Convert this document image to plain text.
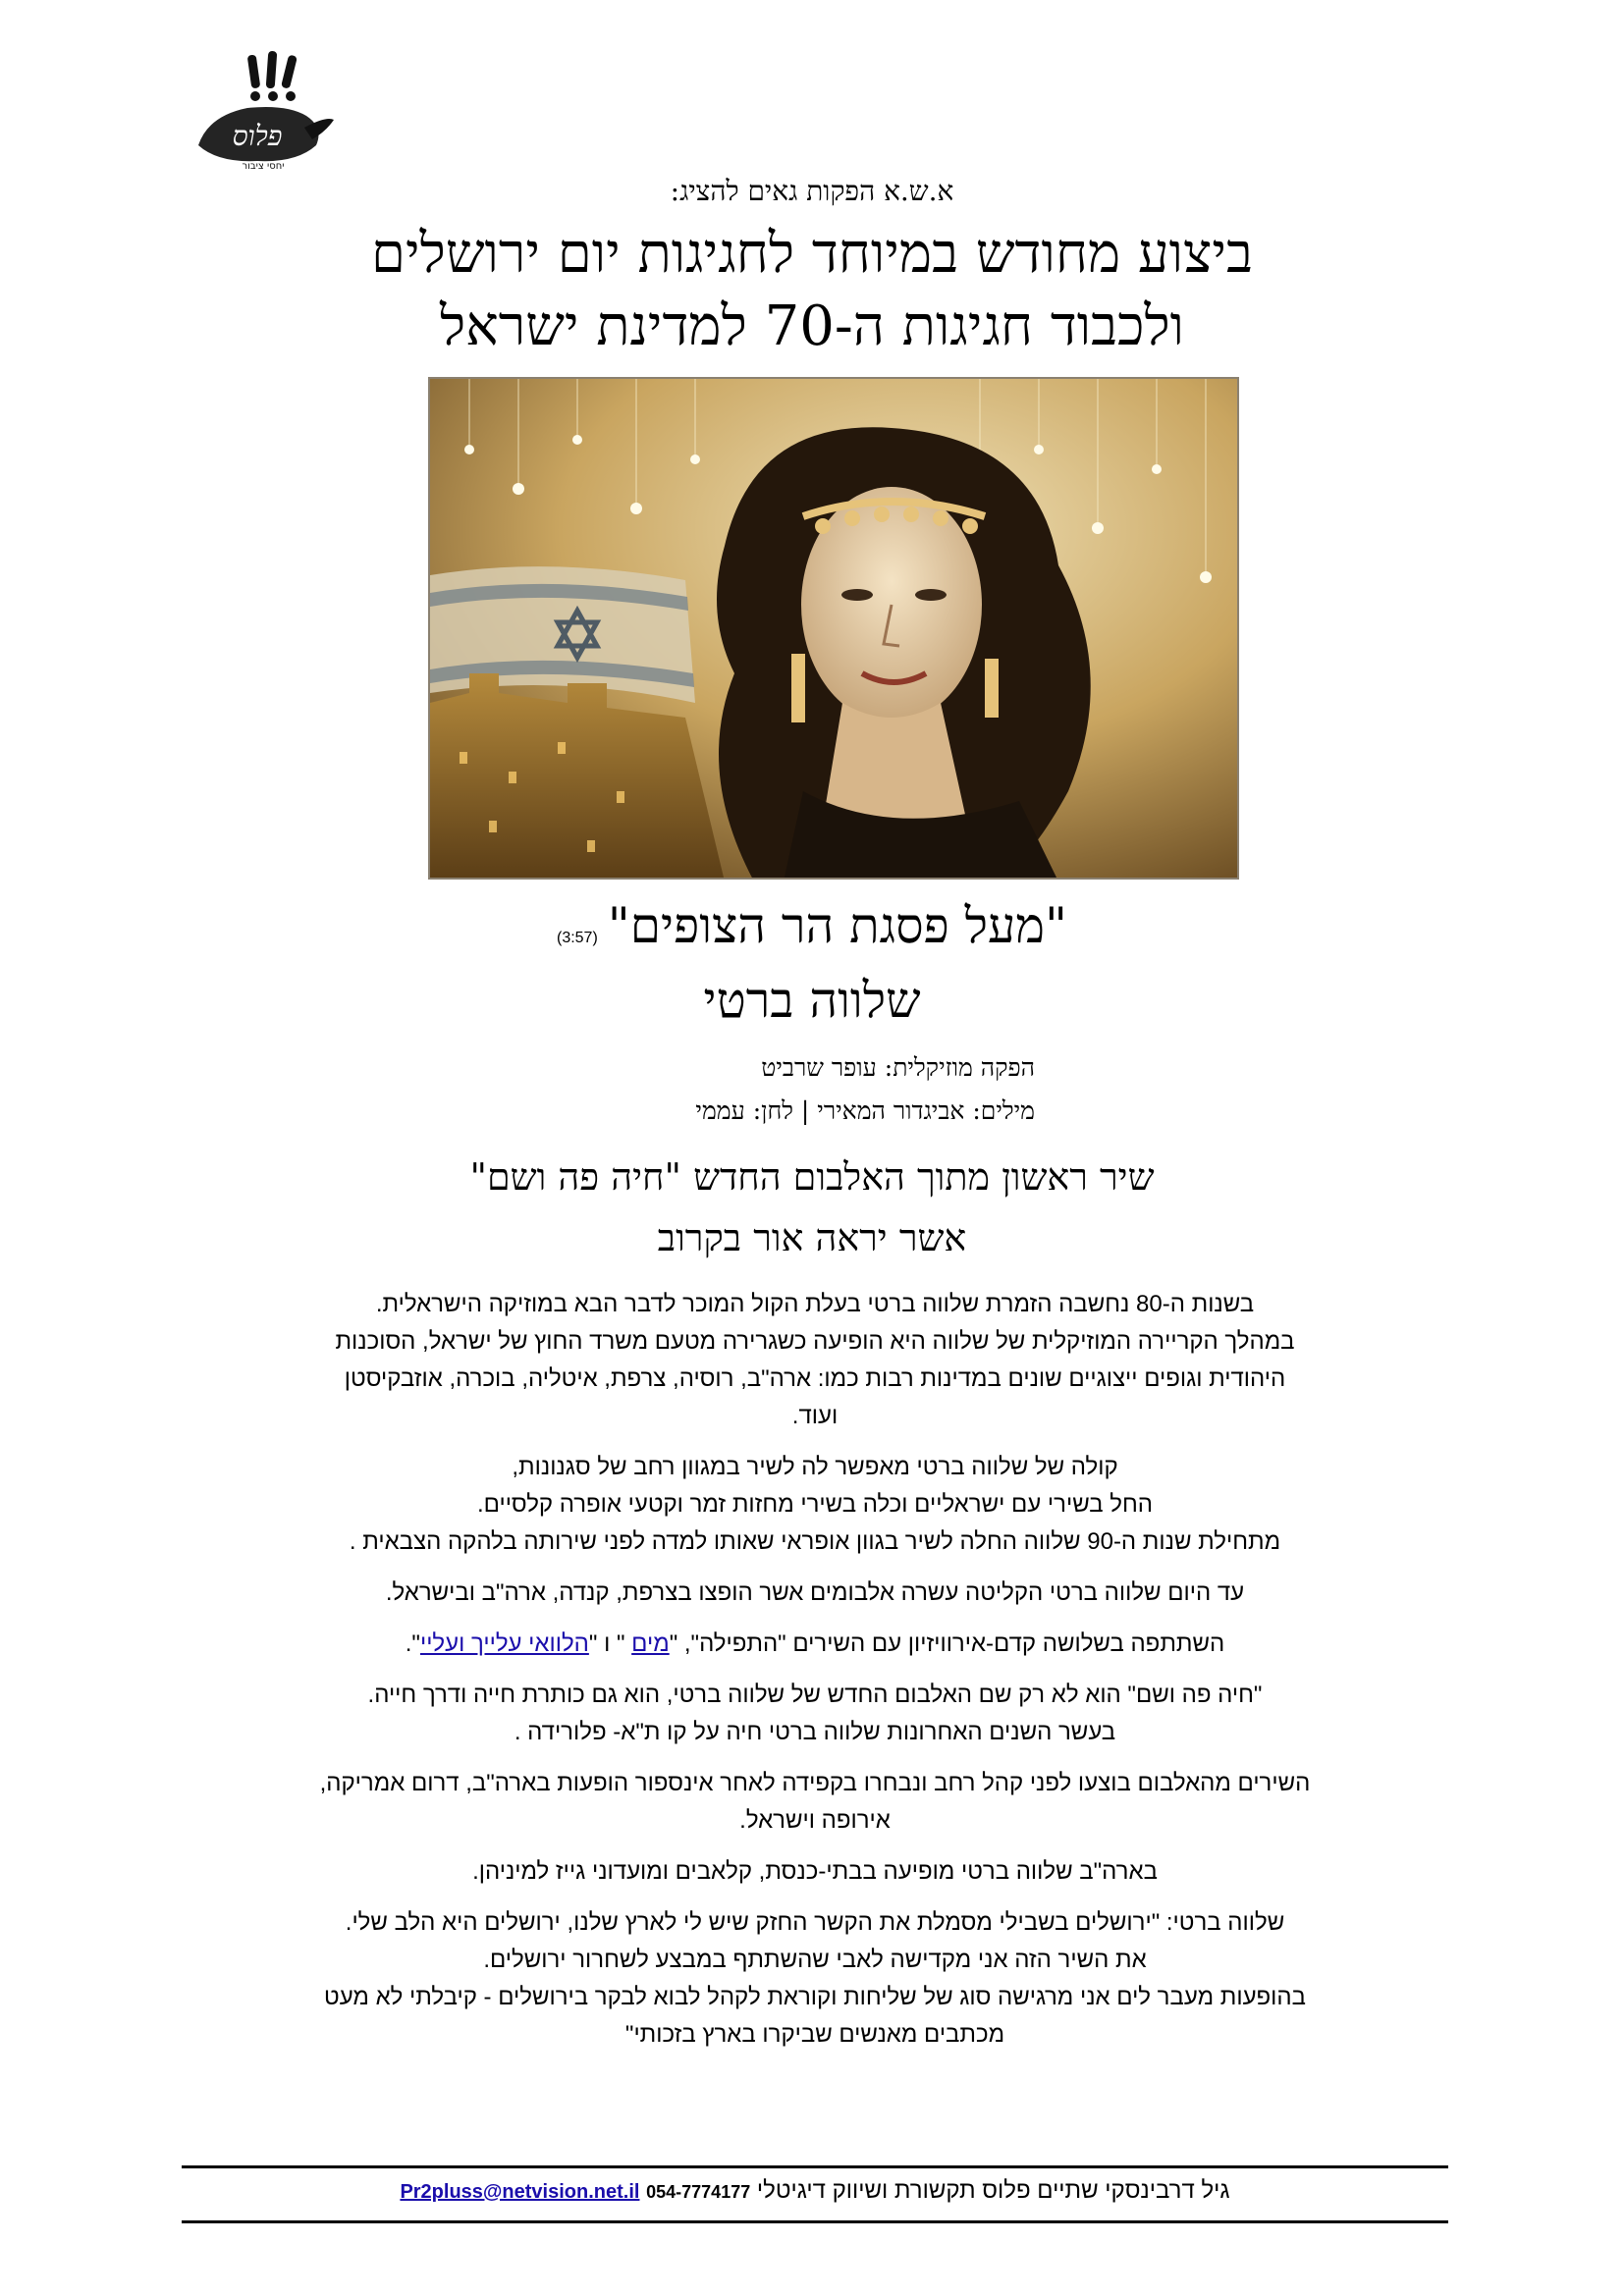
פלוס
יחסי ציבור
א.ש.א הפקות גאים להציג:
ביצוע מחודש במיוחד לחגיגות יום ירושלים
ולכבוד חגיגות ה-70 למדינת ישראל
"מעל פסגת הר הצופים"(3:57)
שלווה ברטי
הפקה מוזיקלית: עופר שרביט
מילים: אביגדור המאירי | לחן: עממי
שיר ראשון מתוך האלבום החדש "חיה פה ושם"
אשר יראה אור בקרוב

בשנות ה-80 נחשבה הזמרת שלווה ברטי בעלת הקול המוכר לדבר הבא במוזיקה הישראלית.
במהלך הקריירה המוזיקלית של שלווה היא הופיעה כשגרירה מטעם משרד החוץ של ישראל, הסוכנות
היהודית וגופים ייצוגיים שונים במדינות רבות כמו: ארה"ב, רוסיה, צרפת, איטליה, בוכרה, אוזבקיסטן
ועוד.

קולה של שלווה ברטי מאפשר לה לשיר במגוון רחב של סגנונות,
החל בשירי עם ישראליים וכלה בשירי מחזות זמר וקטעי אופרה קלסיים.
מתחילת שנות ה-90 שלווה החלה לשיר בגוון אופראי שאותו למדה לפני שירותה בלהקה הצבאית .

עד היום שלווה ברטי הקליטה עשרה אלבומים אשר הופצו בצרפת, קנדה, ארה"ב ובישראל.

השתתפה בשלושה קדם-אירוויזיון עם השירים "התפילה", "מים " ו "הלוואי עלייך ועליי".

"חיה פה ושם" הוא לא רק שם האלבום החדש של שלווה ברטי, הוא גם כותרת חייה ודרך חייה.
בעשר השנים האחרונות שלווה ברטי חיה על קו ת"א- פלורידה .

השירים מהאלבום בוצעו לפני קהל רחב ונבחרו בקפידה לאחר אינספור הופעות בארה"ב, דרום אמריקה,
אירופה וישראל.

בארה"ב שלווה ברטי מופיעה בבתי-כנסת, קלאבים ומועדוני גייז למיניהן.

שלווה ברטי: "ירושלים בשבילי מסמלת את הקשר החזק שיש לי לארץ שלנו, ירושלים היא הלב שלי.
את השיר הזה אני מקדישה לאבי שהשתתף במבצע לשחרור ירושלים.
בהופעות מעבר לים אני מרגישה סוג של שליחות וקוראת לקהל לבוא לבקר בירושלים - קיבלתי לא מעט
מכתבים מאנשים שביקרו בארץ בזכותי"

גיל דרבינסקי שתיים פלוס תקשורת ושיווק דיגיטלי Pr2pluss@netvision.net.il 054-7774177
